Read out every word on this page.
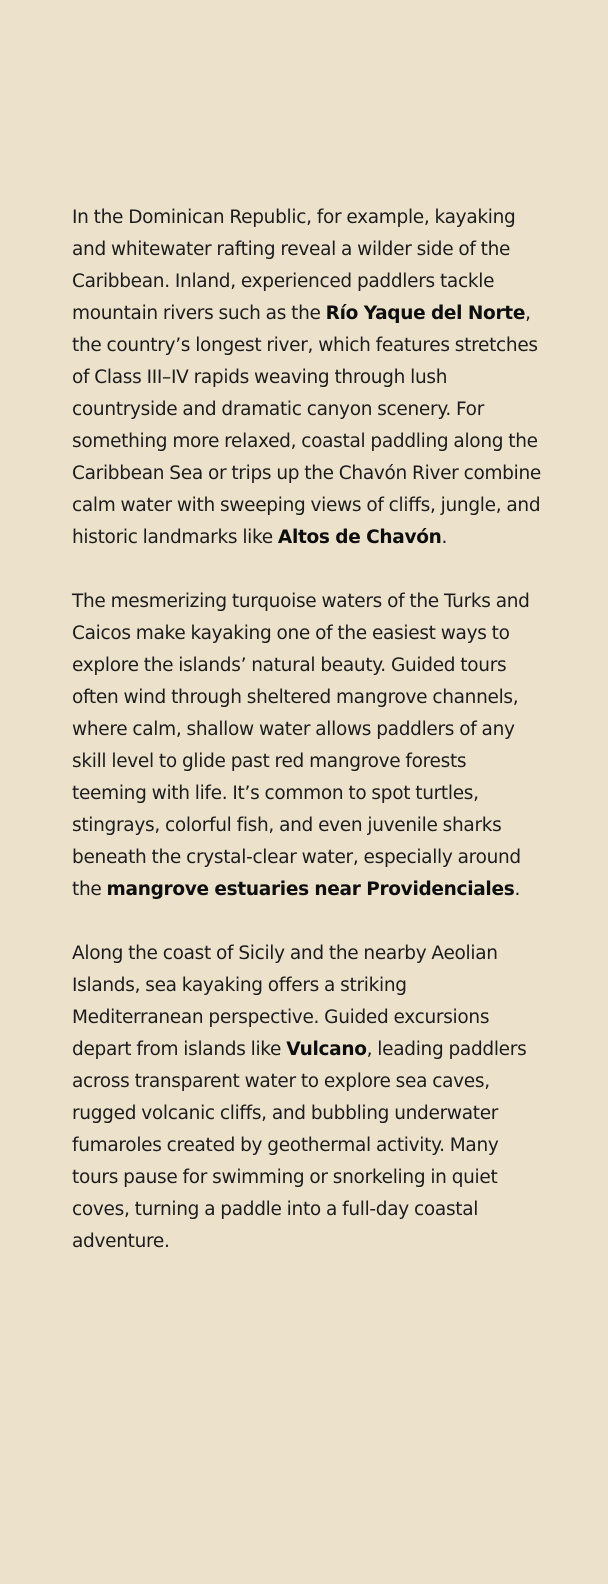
In the Dominican Republic, for example, kayaking and whitewater rafting reveal a wilder side of the Caribbean. Inland, experienced paddlers tackle mountain rivers such as the Río Yaque del Norte, the country’s longest river, which features stretches of Class III–IV rapids weaving through lush countryside and dramatic canyon scenery. For something more relaxed, coastal paddling along the Caribbean Sea or trips up the Chavón River combine calm water with sweeping views of cliffs, jungle, and historic landmarks like Altos de Chavón.

The mesmerizing turquoise waters of the Turks and Caicos make kayaking one of the easiest ways to explore the islands’ natural beauty. Guided tours often wind through sheltered mangrove channels, where calm, shallow water allows paddlers of any skill level to glide past red mangrove forests teeming with life. It’s common to spot turtles, stingrays, colorful fish, and even juvenile sharks beneath the crystal-clear water, especially around the mangrove estuaries near Providenciales.

Along the coast of Sicily and the nearby Aeolian Islands, sea kayaking offers a striking Mediterranean perspective. Guided excursions depart from islands like Vulcano, leading paddlers across transparent water to explore sea caves, rugged volcanic cliffs, and bubbling underwater fumaroles created by geothermal activity. Many tours pause for swimming or snorkeling in quiet coves, turning a paddle into a full-day coastal adventure.
